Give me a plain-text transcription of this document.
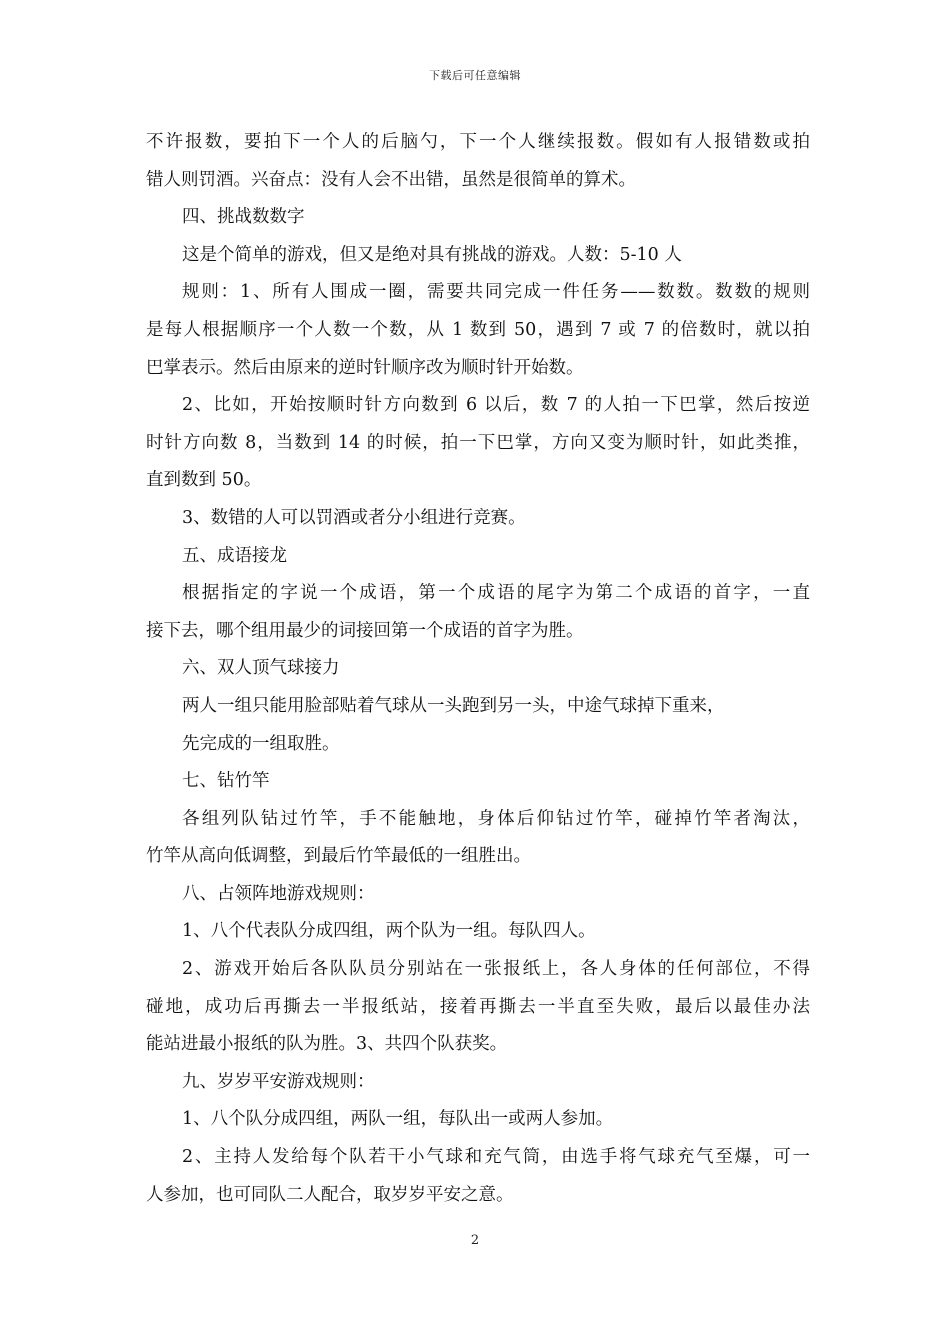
下载后可任意编辑
不许报数，要拍下一个人的后脑勺，下一个人继续报数。假如有人报错数或拍
错人则罚酒。兴奋点：没有人会不出错，虽然是很简单的算术。
四、挑战数数字
这是个简单的游戏，但又是绝对具有挑战的游戏。人数：5-10 人
规则：1、所有人围成一圈，需要共同完成一件任务——数数。数数的规则
是每人根据顺序一个人数一个数，从 1 数到 50，遇到 7 或 7 的倍数时，就以拍
巴掌表示。然后由原来的逆时针顺序改为顺时针开始数。
2、比如，开始按顺时针方向数到 6 以后，数 7 的人拍一下巴掌，然后按逆
时针方向数 8，当数到 14 的时候，拍一下巴掌，方向又变为顺时针，如此类推，
直到数到 50。
3、数错的人可以罚酒或者分小组进行竞赛。
五、成语接龙
根据指定的字说一个成语，第一个成语的尾字为第二个成语的首字，一直
接下去，哪个组用最少的词接回第一个成语的首字为胜。
六、双人顶气球接力
两人一组只能用脸部贴着气球从一头跑到另一头，中途气球掉下重来，
先完成的一组取胜。
七、钻竹竿
各组列队钻过竹竿，手不能触地，身体后仰钻过竹竿，碰掉竹竿者淘汰，
竹竿从高向低调整，到最后竹竿最低的一组胜出。
八、占领阵地游戏规则：
1、八个代表队分成四组，两个队为一组。每队四人。
2、游戏开始后各队队员分别站在一张报纸上，各人身体的任何部位，不得
碰地，成功后再撕去一半报纸站，接着再撕去一半直至失败，最后以最佳办法
能站进最小报纸的队为胜。3、共四个队获奖。
九、岁岁平安游戏规则：
1、八个队分成四组，两队一组，每队出一或两人参加。
2、主持人发给每个队若干小气球和充气筒，由选手将气球充气至爆，可一
人参加，也可同队二人配合，取岁岁平安之意。
2
